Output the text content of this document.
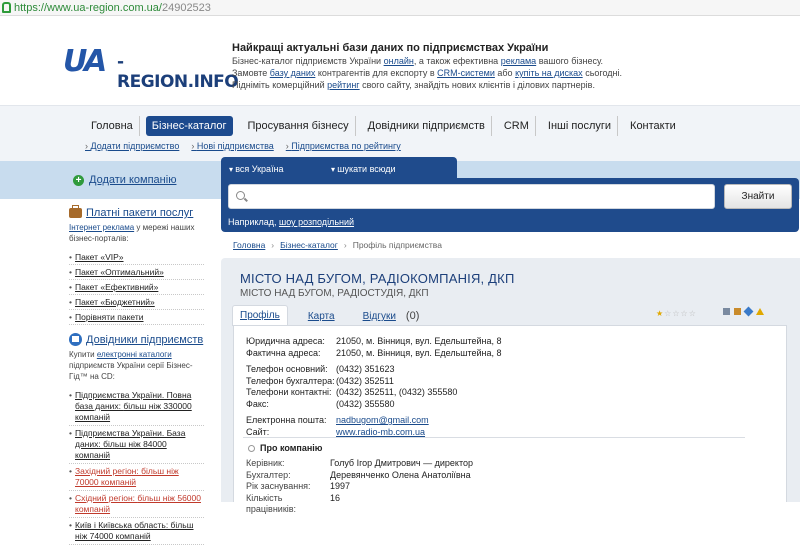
https://www.ua-region.com.ua/ 24902523
UA -REGION.INFO
Найкращі актуальні бази даних по підприємствах України
Бізнес-каталог підприємств України онлайн, а також ефективна реклама вашого бізнесу.
Замовте базу даних контрагентів для експорту в CRM-системи або купіть на дисках сьогодні.
Підніміть комерційний рейтинг свого сайту, знайдіть нових клієнтів і ділових партнерів.
Головна	Бізнес-каталог	Просування бізнесу	Довідники підприємств	CRM	Інші послуги	Контакти
› Додати підприємство	› Нові підприємства	› Підприємства по рейтингу
+ Додати компанію
▾ вся Україна	▾ шукати всюди
Знайти
Наприклад, шоу розподільний
Платні пакети послуг
Інтернет реклама у мережі наших бізнес-порталів:
• Пакет «VIP»
• Пакет «Оптимальний»
• Пакет «Ефективний»
• Пакет «Бюджетний»
• Порівняти пакети
Довідники підприємств
Купити електронні каталоги підприємств України серії Бізнес-Гід™ на CD:
• Підприємства України. Повна база даних: більш ніж 330000 компаній
• Підприємства України. База даних: більш ніж 84000 компаній
• Західний регіон: більш ніж 70000 компаній
• Східний регіон: більш ніж 56000 компаній
• Київ і Київська область: більш ніж 74000 компаній
Головна › Бізнес-каталог › Профіль підприємства
МІСТО НАД БУГОМ, РАДІОКОМПАНІЯ, ДКП
МІСТО НАД БУГОМ, РАДІОСТУДІЯ, ДКП
Профіль	Карта	Відгуки (0)	★ ☆ ☆ ☆ ☆
Юридична адреса:	21050, м. Вінниця, вул. Едельштейна, 8
Фактична адреса:	21050, м. Вінниця, вул. Едельштейна, 8
Телефон основний: (0432) 351623
Телефон бухгалтера: (0432) 352511
Телефони контактні: (0432) 352511, (0432) 355580
Факс:	(0432) 355580
Електронна пошта:	nadbugom@gmail.com
Сайт:	www.radio-mb.com.ua
Про компанію
Керівник:	Голуб Ігор Дмитрович — директор
Бухгалтер:	Деревянченко Олена Анатоліївна
Рік заснування:	1997
Кількість працівників:
16
